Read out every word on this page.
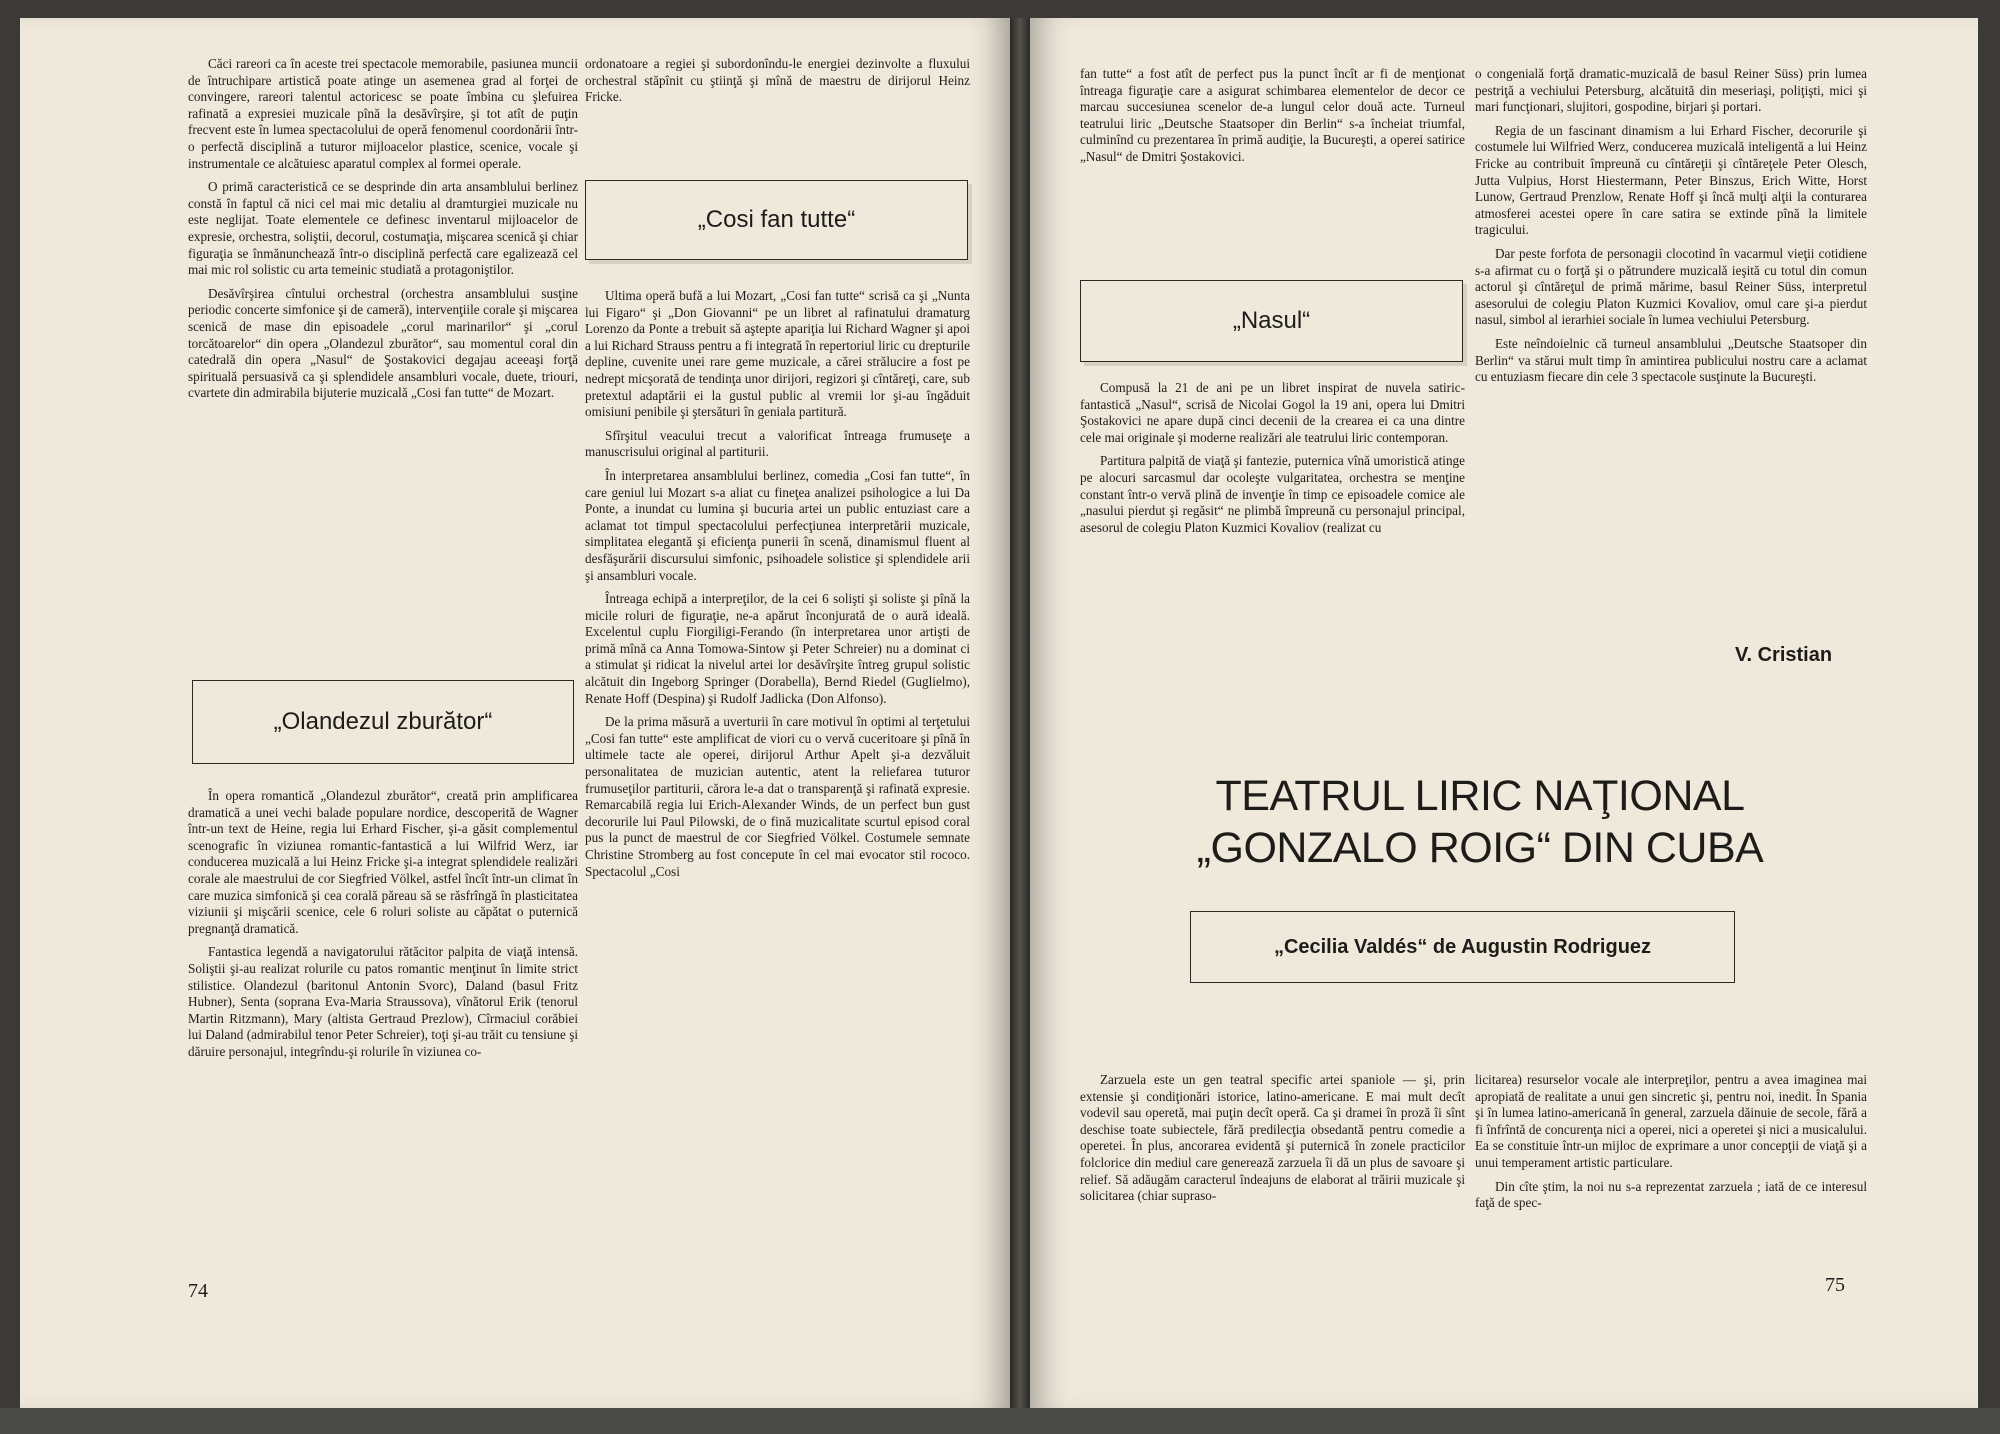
Căci rareori ca în aceste trei spectacole memorabile, pasiunea muncii de întruchipare artistică poate atinge un asemenea grad al forţei de convingere, rareori talentul actoricesc se poate îmbina cu şlefuirea rafinată a expresiei muzicale pînă la desăvîrşire, şi tot atît de puţin frecvent este în lumea spectacolului de operă fenomenul coordonării într-o perfectă disciplină a tuturor mijloacelor plastice, scenice, vocale şi instrumentale ce alcătuiesc aparatul complex al formei operale.

O primă caracteristică ce se desprinde din arta ansamblului berlinez constă în faptul că nici cel mai mic detaliu al dramturgiei muzicale nu este neglijat. Toate elementele ce definesc inventarul mijloacelor de expresie, orchestra, soliştii, decorul, costumaţia, mişcarea scenică şi chiar figuraţia se înmănunchează într-o disciplină perfectă care egalizează cel mai mic rol solistic cu arta temeinic studiată a protagoniştilor.

Desăvîrşirea cîntului orchestral (orchestra ansamblului susţine periodic concerte simfonice şi de cameră), intervenţiile corale şi mişcarea scenică de mase din episoadele „corul marinarilor“ şi „corul torcătoarelor“ din opera „Olandezul zburător“, sau momentul coral din catedrală din opera „Nasul“ de Şostakovici degajau aceeaşi forţă spirituală persuasivă ca şi splendidele ansambluri vocale, duete, triouri, cvartete din admirabila bijuterie muzicală „Cosi fan tutte“ de Mozart.

„Olandezul zburător“

În opera romantică „Olandezul zburător“, creată prin amplificarea dramatică a unei vechi balade populare nordice, descoperită de Wagner într-un text de Heine, regia lui Erhard Fischer, şi-a găsit complementul scenografic în viziunea romantic-fantastică a lui Wilfrid Werz, iar conducerea muzicală a lui Heinz Fricke şi-a integrat splendidele realizări corale ale maestrului de cor Siegfried Völkel, astfel încît într-un climat în care muzica simfonică şi cea corală păreau să se răsfrîngă în plasticitatea viziunii şi mişcării scenice, cele 6 roluri soliste au căpătat o puternică pregnanţă dramatică.

Fantastica legendă a navigatorului rătăcitor palpita de viaţă intensă. Soliştii şi-au realizat rolurile cu patos romantic menţinut în limite strict stilistice. Olandezul (baritonul Antonin Svorc), Daland (basul Fritz Hubner), Senta (soprana Eva-Maria Straussova), vînătorul Erik (tenorul Martin Ritzmann), Mary (altista Gertraud Prezlow), Cîrmaciul corăbiei lui Daland (admirabilul tenor Peter Schreier), toţi şi-au trăit cu tensiune şi dăruire personajul, integrîndu-şi rolurile în viziunea co-

ordonatoare a regiei şi subordonîndu-le energiei dezinvolte a fluxului orchestral stăpînit cu ştiinţă şi mînă de maestru de dirijorul Heinz Fricke.

„Cosi fan tutte“

Ultima operă bufă a lui Mozart, „Cosi fan tutte“ scrisă ca şi „Nunta lui Figaro“ şi „Don Giovanni“ pe un libret al rafinatului dramaturg Lorenzo da Ponte a trebuit să aştepte apariţia lui Richard Wagner şi apoi a lui Richard Strauss pentru a fi integrată în repertoriul liric cu drepturile depline, cuvenite unei rare geme muzicale, a cărei strălucire a fost pe nedrept micşorată de tendinţa unor dirijori, regizori şi cîntăreţi, care, sub pretextul adaptării ei la gustul public al vremii lor şi-au îngăduit omisiuni penibile şi ştersături în geniala partitură.

Sfîrşitul veacului trecut a valorificat întreaga frumuseţe a manuscrisului original al partiturii.

În interpretarea ansamblului berlinez, comedia „Cosi fan tutte“, în care geniul lui Mozart s-a aliat cu fineţea analizei psihologice a lui Da Ponte, a inundat cu lumina şi bucuria artei un public entuziast care a aclamat tot timpul spectacolului perfecţiunea interpretării muzicale, simplitatea elegantă şi eficienţa punerii în scenă, dinamismul fluent al desfăşurării discursului simfonic, psihoadele solistice şi splendidele arii şi ansambluri vocale.

Întreaga echipă a interpreţilor, de la cei 6 solişti şi soliste şi pînă la micile roluri de figuraţie, ne-a apărut înconjurată de o aură ideală. Excelentul cuplu Fiorgiligi-Ferando (în interpretarea unor artişti de primă mînă ca Anna Tomowa-Sintow şi Peter Schreier) nu a dominat ci a stimulat şi ridicat la nivelul artei lor desăvîrşite întreg grupul solistic alcătuit din Ingeborg Springer (Dorabella), Bernd Riedel (Guglielmo), Renate Hoff (Despina) şi Rudolf Jadlicka (Don Alfonso).

De la prima măsură a uverturii în care motivul în optimi al terţetului „Cosi fan tutte“ este amplificat de viori cu o vervă cuceritoare şi pînă în ultimele tacte ale operei, dirijorul Arthur Apelt şi-a dezvăluit personalitatea de muzician autentic, atent la reliefarea tuturor frumuseţilor partiturii, cărora le-a dat o transparenţă şi rafinată expresie. Remarcabilă regia lui Erich-Alexander Winds, de un perfect bun gust decorurile lui Paul Pilowski, de o fină muzicalitate scurtul episod coral pus la punct de maestrul de cor Siegfried Völkel. Costumele semnate Christine Stromberg au fost concepute în cel mai evocator stil rococo. Spectacolul „Cosi

74

fan tutte“ a fost atît de perfect pus la punct încît ar fi de menţionat întreaga figuraţie care a asigurat schimbarea elementelor de decor ce marcau succesiunea scenelor de-a lungul celor două acte. Turneul teatrului liric „Deutsche Staatsoper din Berlin“ s-a încheiat triumfal, culminînd cu prezentarea în primă audiţie, la Bucureşti, a operei satirice „Nasul“ de Dmitri Şostakovici.

„Nasul“

Compusă la 21 de ani pe un libret inspirat de nuvela satiric-fantastică „Nasul“, scrisă de Nicolai Gogol la 19 ani, opera lui Dmitri Şostakovici ne apare după cinci decenii de la crearea ei ca una dintre cele mai originale şi moderne realizări ale teatrului liric contemporan.

Partitura palpită de viaţă şi fantezie, puternica vînă umoristică atinge pe alocuri sarcasmul dar ocoleşte vulgaritatea, orchestra se menţine constant într-o vervă plină de invenţie în timp ce episoadele comice ale „nasului pierdut şi regăsit“ ne plimbă împreună cu personajul principal, asesorul de colegiu Platon Kuzmici Kovaliov (realizat cu

o congenială forţă dramatic-muzicală de basul Reiner Süss) prin lumea pestriţă a vechiului Petersburg, alcătuită din meseriaşi, poliţişti, mici şi mari funcţionari, slujitori, gospodine, birjari şi portari.

Regia de un fascinant dinamism a lui Erhard Fischer, decorurile şi costumele lui Wilfried Werz, conducerea muzicală inteligentă a lui Heinz Fricke au contribuit împreună cu cîntăreţii şi cîntăreţele Peter Olesch, Jutta Vulpius, Horst Hiestermann, Peter Binszus, Erich Witte, Horst Lunow, Gertraud Prenzlow, Renate Hoff şi încă mulţi alţii la conturarea atmosferei acestei opere în care satira se extinde pînă la limitele tragicului.

Dar peste forfota de personagii clocotind în vacarmul vieţii cotidiene s-a afirmat cu o forţă şi o pătrundere muzicală ieşită cu totul din comun actorul şi cîntăreţul de primă mărime, basul Reiner Süss, interpretul asesorului de colegiu Platon Kuzmici Kovaliov, omul care şi-a pierdut nasul, simbol al ierarhiei sociale în lumea vechiului Petersburg.

Este neîndoielnic că turneul ansamblului „Deutsche Staatsoper din Berlin“ va stărui mult timp în amintirea publicului nostru care a aclamat cu entuziasm fiecare din cele 3 spectacole susţinute la Bucureşti.

V. Cristian
TEATRUL LIRIC NAŢIONAL
„GONZALO ROIG“ DIN CUBA
„Cecilia Valdés“ de Augustin Rodriguez

Zarzuela este un gen teatral specific artei spaniole — şi, prin extensie şi condiţionări istorice, latino-americane. E mai mult decît vodevil sau operetă, mai puţin decît operă. Ca şi dramei în proză îi sînt deschise toate subiectele, fără predilecţia obsedantă pentru comedie a operetei. În plus, ancorarea evidentă şi puternică în zonele practicilor folclorice din mediul care generează zarzuela îi dă un plus de savoare şi relief. Să adăugăm caracterul îndeajuns de elaborat al trăirii muzicale şi solicitarea (chiar supraso-

licitarea) resurselor vocale ale interpreţilor, pentru a avea imaginea mai apropiată de realitate a unui gen sincretic şi, pentru noi, inedit. În Spania şi în lumea latino-americană în general, zarzuela dăinuie de secole, fără a fi înfrîntă de concurenţa nici a operei, nici a operetei şi nici a musicalului. Ea se constituie într-un mijloc de exprimare a unor concepţii de viaţă şi a unui temperament artistic particulare.

Din cîte ştim, la noi nu s-a reprezentat zarzuela ; iată de ce interesul faţă de spec-

75
